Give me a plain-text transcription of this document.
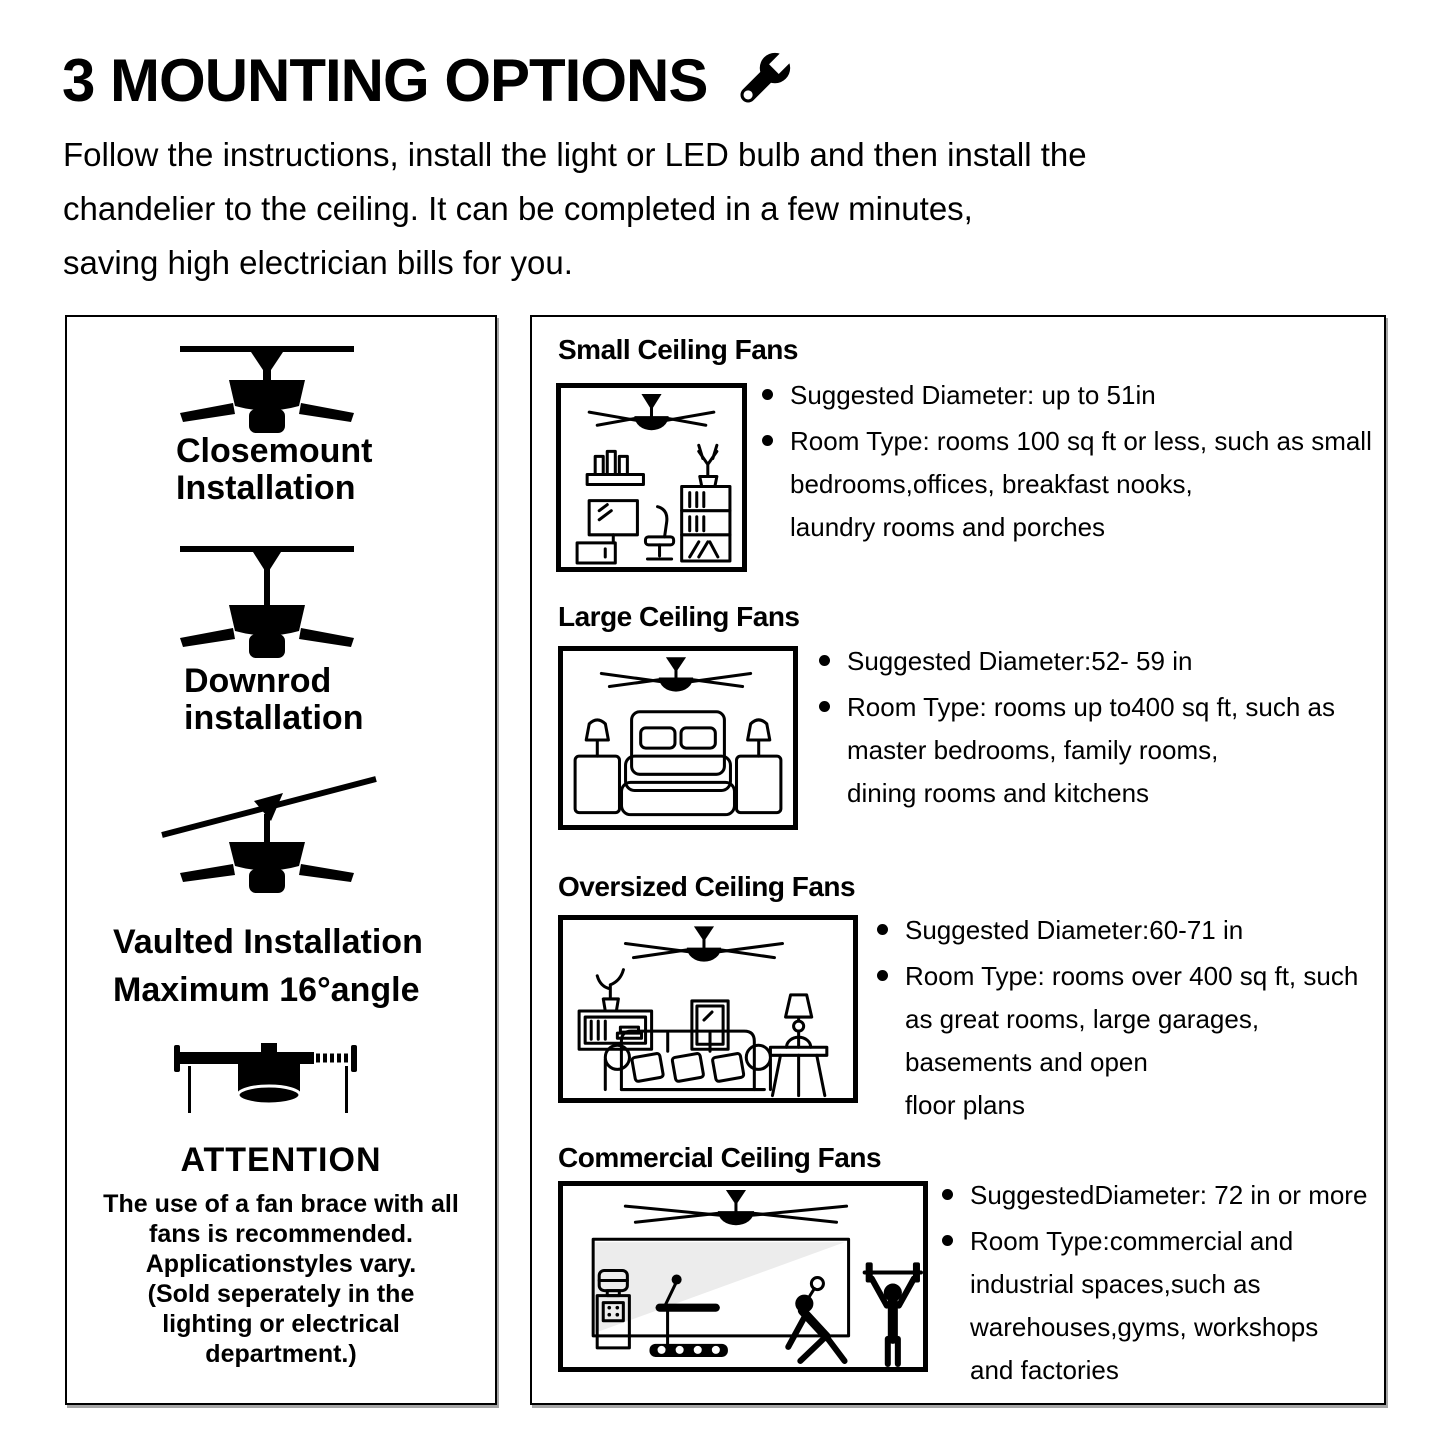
3 MOUNTING OPTIONS
Follow the instructions, install the light or LED bulb and then install the
chandelier to the ceiling. It can be completed in a few minutes,
saving high electrician bills for you.
Closemount
Installation
Downrod
installation
Vaulted Installation
Maximum 16°angle
ATTENTION
The use of a fan brace with all
fans is recommended.
Applicationstyles vary.
(Sold seperately in the
lighting or electrical
department.)
Small Ceiling Fans
Suggested Diameter: up to 51in
Room Type: rooms 100 sq ft or less, such as small
bedrooms,offices, breakfast nooks,
laundry rooms and porches
Large Ceiling Fans
Suggested Diameter:52- 59 in
Room Type: rooms up to400 sq ft, such as
master bedrooms, family rooms,
dining rooms and kitchens
Oversized Ceiling Fans
Suggested Diameter:60-71 in
Room Type: rooms over 400 sq ft, such
as great rooms, large garages,
basements and open
floor plans
Commercial Ceiling Fans
SuggestedDiameter: 72 in or more
Room Type:commercial and
industrial spaces,such as
warehouses,gyms, workshops
and factories
